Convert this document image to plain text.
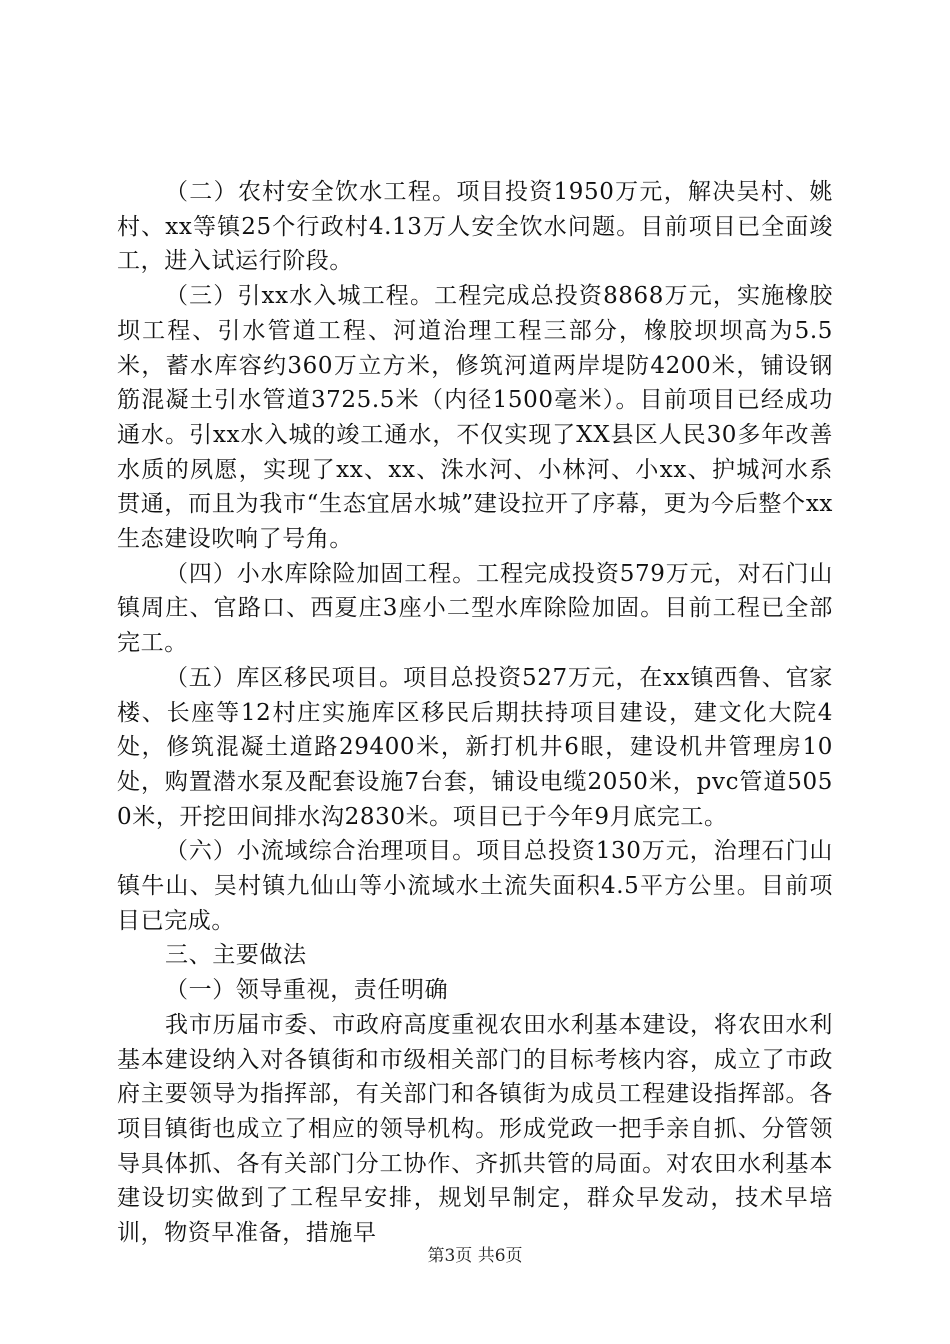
（二）农村安全饮水工程。项目投资1950万元，解决吴村、姚村、xx等镇25个行政村4.13万人安全饮水问题。目前项目已全面竣工，进入试运行阶段。

（三）引xx水入城工程。工程完成总投资8868万元，实施橡胶坝工程、引水管道工程、河道治理工程三部分，橡胶坝坝高为5.5米，蓄水库容约360万立方米，修筑河道两岸堤防4200米，铺设钢筋混凝土引水管道3725.5米（内径1500毫米）。目前项目已经成功通水。引xx水入城的竣工通水，不仅实现了XX县区人民30多年改善水质的夙愿，实现了xx、xx、洙水河、小林河、小xx、护城河水系贯通，而且为我市“生态宜居水城”建设拉开了序幕，更为今后整个xx生态建设吹响了号角。

（四）小水库除险加固工程。工程完成投资579万元，对石门山镇周庄、官路口、西夏庄3座小二型水库除险加固。目前工程已全部完工。

（五）库区移民项目。项目总投资527万元，在xx镇西鲁、官家楼、长座等12村庄实施库区移民后期扶持项目建设，建文化大院4处，修筑混凝土道路29400米，新打机井6眼，建设机井管理房10处，购置潜水泵及配套设施7台套，铺设电缆2050米，pvc管道5050米，开挖田间排水沟2830米。项目已于今年9月底完工。

（六）小流域综合治理项目。项目总投资130万元，治理石门山镇牛山、吴村镇九仙山等小流域水土流失面积4.5平方公里。目前项目已完成。

三、主要做法

（一）领导重视，责任明确

我市历届市委、市政府高度重视农田水利基本建设，将农田水利基本建设纳入对各镇街和市级相关部门的目标考核内容，成立了市政府主要领导为指挥部，有关部门和各镇街为成员工程建设指挥部。各项目镇街也成立了相应的领导机构。形成党政一把手亲自抓、分管领导具体抓、各有关部门分工协作、齐抓共管的局面。对农田水利基本建设切实做到了工程早安排，规划早制定，群众早发动，技术早培训，物资早准备，措施早

第3页 共6页
